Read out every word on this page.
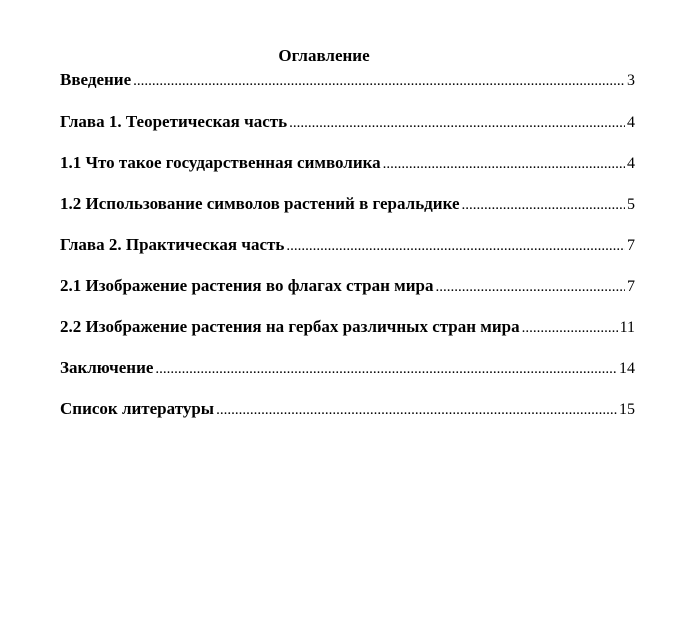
Оглавление
Введение .....	3
Глава 1. Теоретическая часть .....	4
1.1 Что такое государственная символика .....	4
1.2 Использование символов растений в геральдике .....	5
Глава 2. Практическая часть .....	7
2.1 Изображение растения во флагах стран мира .....	7
2.2 Изображение растения на гербах различных стран мира .....	11
Заключение .....	14
Список литературы .....	15
